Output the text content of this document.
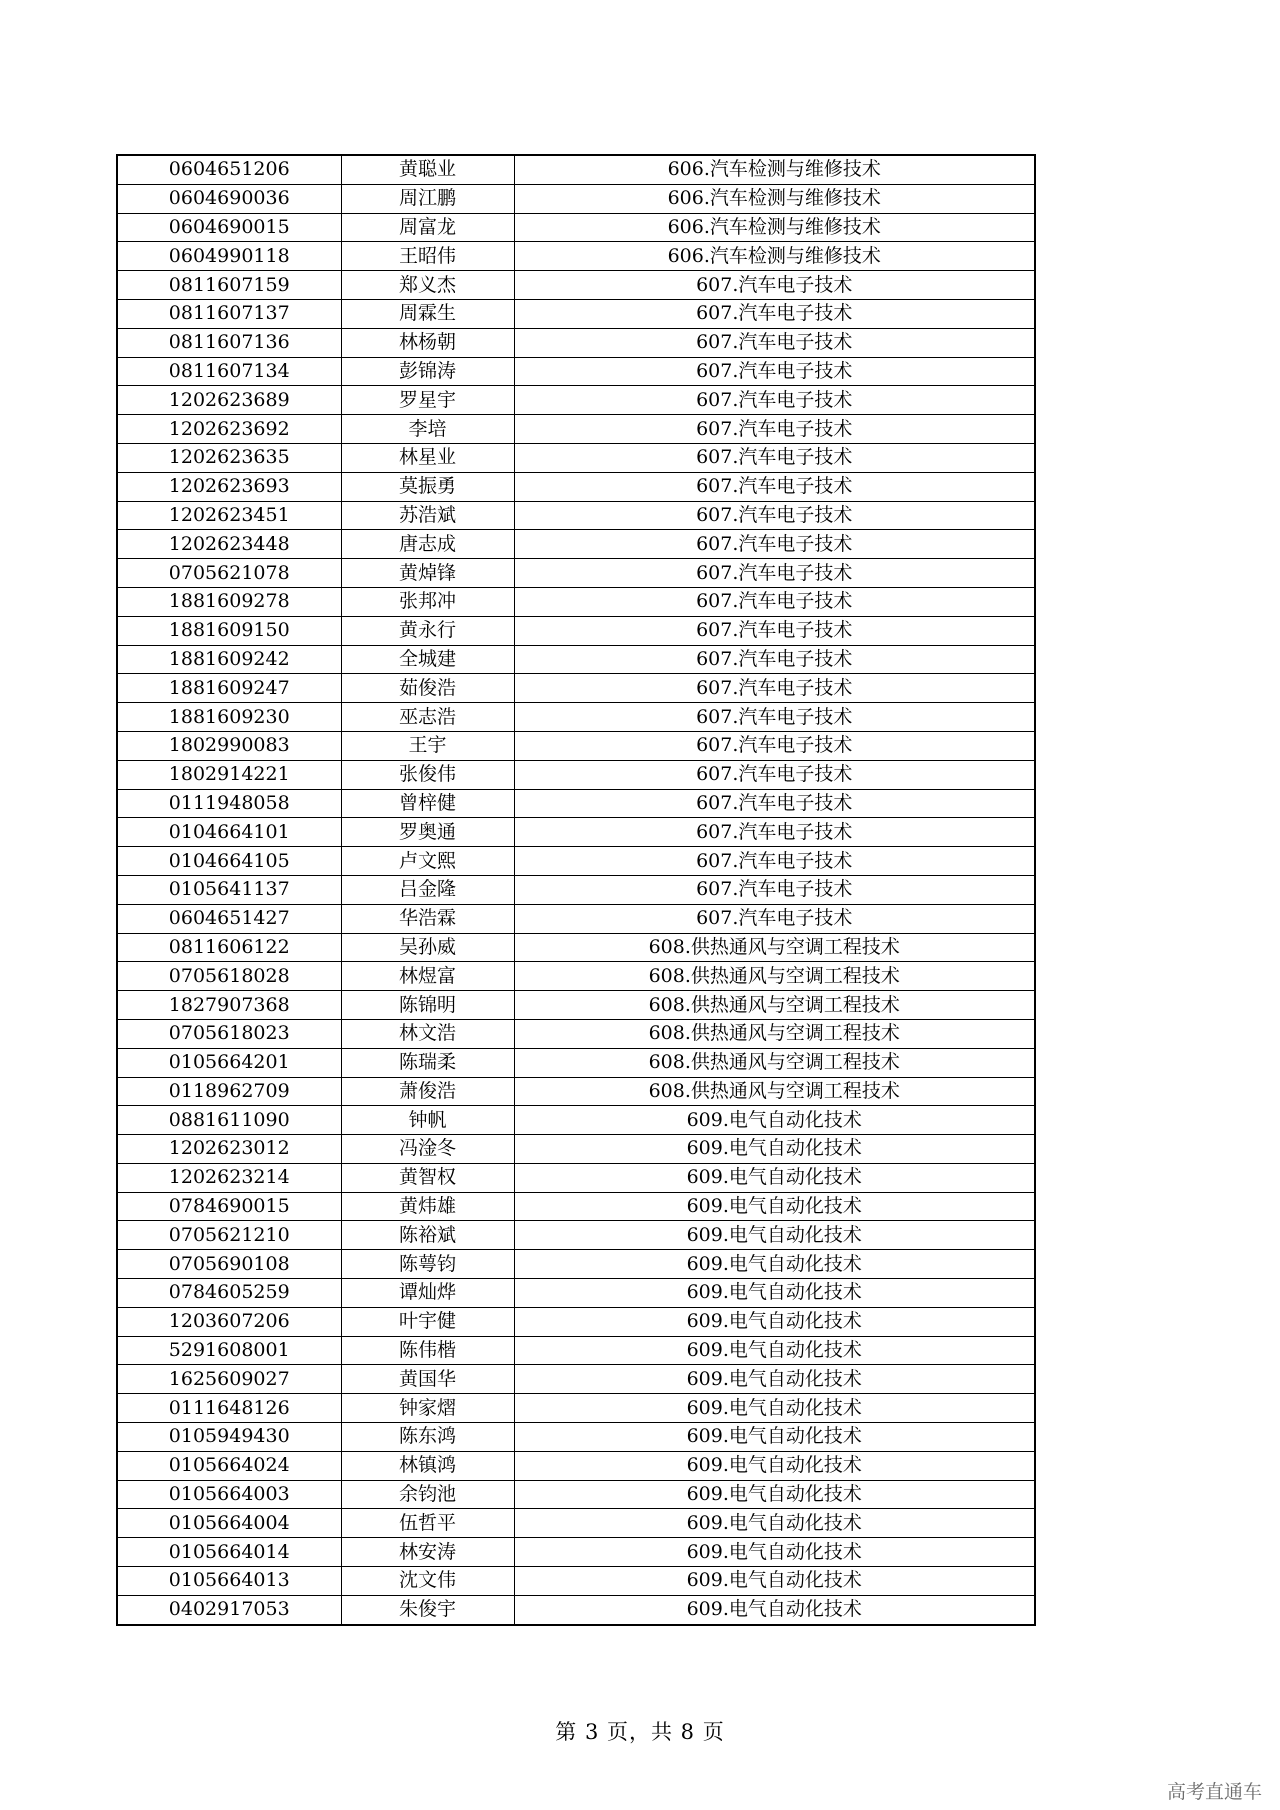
0604651206	黄聪业	606.汽车检测与维修技术
0604690036	周江鹏	606.汽车检测与维修技术
0604690015	周富龙	606.汽车检测与维修技术
0604990118	王昭伟	606.汽车检测与维修技术
0811607159	郑义杰	607.汽车电子技术
0811607137	周霖生	607.汽车电子技术
0811607136	林杨朝	607.汽车电子技术
0811607134	彭锦涛	607.汽车电子技术
1202623689	罗星宇	607.汽车电子技术
1202623692	李培	607.汽车电子技术
1202623635	林星业	607.汽车电子技术
1202623693	莫振勇	607.汽车电子技术
1202623451	苏浩斌	607.汽车电子技术
1202623448	唐志成	607.汽车电子技术
0705621078	黄焯锋	607.汽车电子技术
1881609278	张邦冲	607.汽车电子技术
1881609150	黄永行	607.汽车电子技术
1881609242	全城建	607.汽车电子技术
1881609247	茹俊浩	607.汽车电子技术
1881609230	巫志浩	607.汽车电子技术
1802990083	王宇	607.汽车电子技术
1802914221	张俊伟	607.汽车电子技术
0111948058	曾梓健	607.汽车电子技术
0104664101	罗奥通	607.汽车电子技术
0104664105	卢文熙	607.汽车电子技术
0105641137	吕金隆	607.汽车电子技术
0604651427	华浩霖	607.汽车电子技术
0811606122	吴孙威	608.供热通风与空调工程技术
0705618028	林煜富	608.供热通风与空调工程技术
1827907368	陈锦明	608.供热通风与空调工程技术
0705618023	林文浩	608.供热通风与空调工程技术
0105664201	陈瑞柔	608.供热通风与空调工程技术
0118962709	萧俊浩	608.供热通风与空调工程技术
0881611090	钟帆	609.电气自动化技术
1202623012	冯淦冬	609.电气自动化技术
1202623214	黄智权	609.电气自动化技术
0784690015	黄炜雄	609.电气自动化技术
0705621210	陈裕斌	609.电气自动化技术
0705690108	陈萼钧	609.电气自动化技术
0784605259	谭灿烨	609.电气自动化技术
1203607206	叶宇健	609.电气自动化技术
5291608001	陈伟楷	609.电气自动化技术
1625609027	黄国华	609.电气自动化技术
0111648126	钟家熠	609.电气自动化技术
0105949430	陈东鸿	609.电气自动化技术
0105664024	林镇鸿	609.电气自动化技术
0105664003	余钧池	609.电气自动化技术
0105664004	伍哲平	609.电气自动化技术
0105664014	林安涛	609.电气自动化技术
0105664013	沈文伟	609.电气自动化技术
0402917053	朱俊宇	609.电气自动化技术
第 3 页，共 8 页
高考直通车
